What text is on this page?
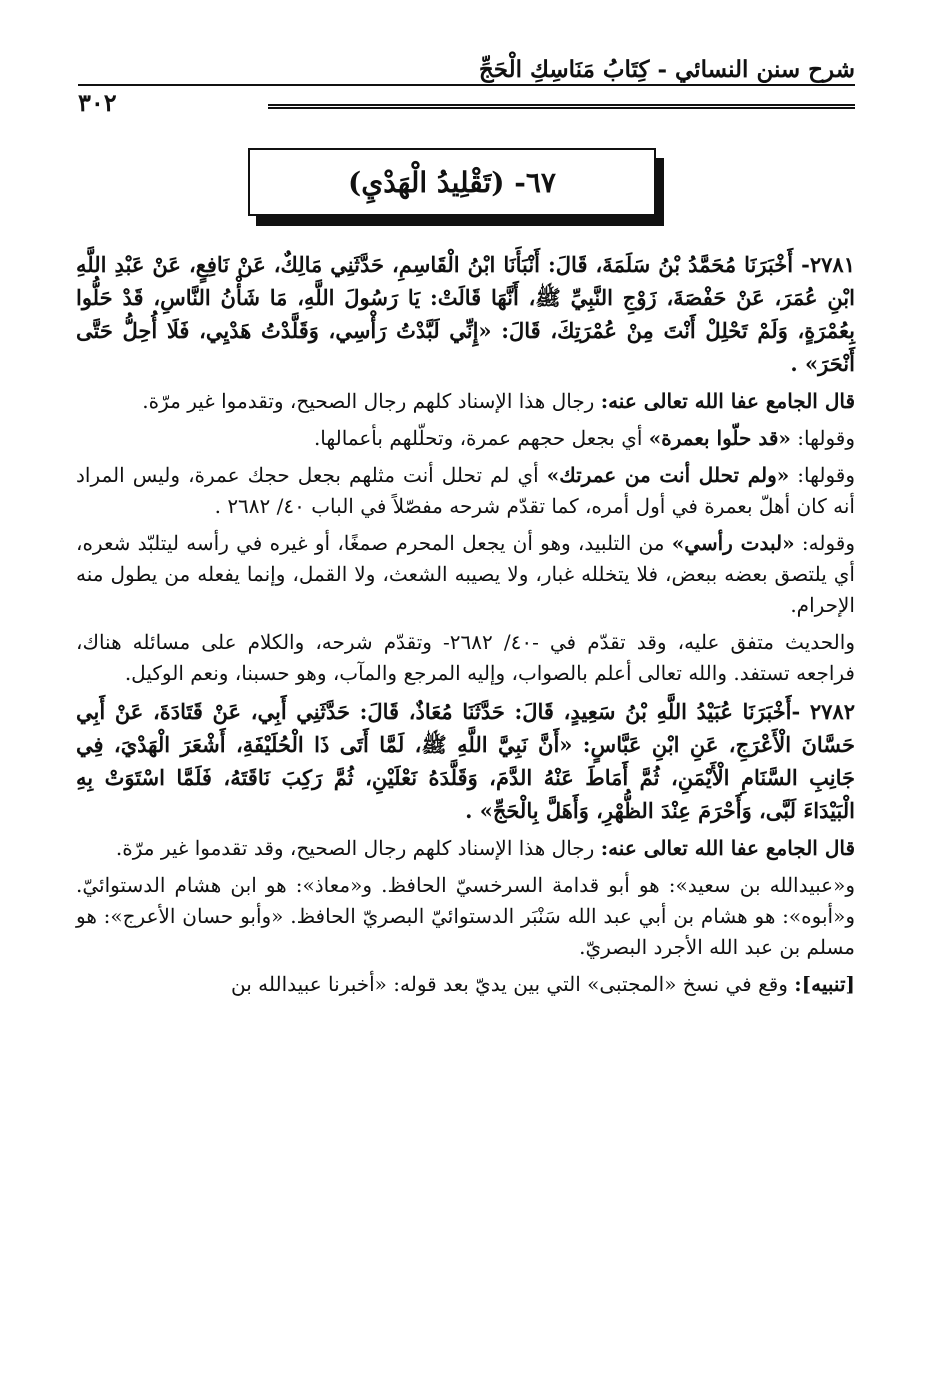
شرح سنن النسائي - كِتَابُ مَنَاسِكِ الْحَجِّ
٣٠٢
٦٧- (تَقْلِيدُ الْهَدْيِ)

٢٧٨١- أَخْبَرَنَا مُحَمَّدُ بْنُ سَلَمَةَ، قَالَ: أَنْبَأَنَا ابْنُ الْقَاسِمِ، حَدَّثَنِي مَالِكٌ، عَنْ نَافِعٍ، عَنْ عَبْدِ اللَّهِ ابْنِ عُمَرَ، عَنْ حَفْصَةَ، زَوْجِ النَّبِيِّ ﷺ، أَنَّهَا قَالَتْ: يَا رَسُولَ اللَّهِ، مَا شَأْنُ النَّاسِ، قَدْ حَلُّوا بِعُمْرَةٍ، وَلَمْ تَحْلِلْ أَنْتَ مِنْ عُمْرَتِكَ، قَالَ: «إِنِّي لَبَّدْتُ رَأْسِي، وَقَلَّدْتُ هَدْيِي، فَلَا أُحِلُّ حَتَّى أَنْحَرَ» .

قال الجامع عفا الله تعالى عنه: رجال هذا الإسناد كلهم رجال الصحيح، وتقدموا غير مرّة.

وقولها: «قد حلّوا بعمرة» أي بجعل حجهم عمرة، وتحلّلهم بأعمالها.

وقولها: «ولم تحلل أنت من عمرتك» أي لم تحلل أنت مثلهم بجعل حجك عمرة، وليس المراد أنه كان أهلّ بعمرة في أول أمره، كما تقدّم شرحه مفصّلاً في الباب ٤٠/ ٢٦٨٢ .

وقوله: «لبدت رأسي» من التلبيد، وهو أن يجعل المحرم صمغًا، أو غيره في رأسه ليتلبّد شعره، أي يلتصق بعضه ببعض، فلا يتخلله غبار، ولا يصيبه الشعث، ولا القمل، وإنما يفعله من يطول منه الإحرام.

والحديث متفق عليه، وقد تقدّم في -٤٠/ ٢٦٨٢- وتقدّم شرحه، والكلام على مسائله هناك، فراجعه تستفد. والله تعالى أعلم بالصواب، وإليه المرجع والمآب، وهو حسبنا، ونعم الوكيل.

٢٧٨٢ -أَخْبَرَنَا عُبَيْدُ اللَّهِ بْنُ سَعِيدٍ، قَالَ: حَدَّثَنَا مُعَاذٌ، قَالَ: حَدَّثَنِي أَبِي، عَنْ قَتَادَةَ، عَنْ أَبِي حَسَّانَ الْأَعْرَجِ، عَنِ ابْنِ عَبَّاسٍ: «أَنَّ نَبِيَّ اللَّهِ ﷺ، لَمَّا أَتَى ذَا الْحُلَيْفَةِ، أَشْعَرَ الْهَدْيَ، فِي جَانِبِ السَّنَامِ الْأَيْمَنِ، ثُمَّ أَمَاطَ عَنْهُ الدَّمَ، وَقَلَّدَهُ نَعْلَيْنِ، ثُمَّ رَكِبَ نَاقَتَهُ، فَلَمَّا اسْتَوَتْ بِهِ الْبَيْدَاءَ لَبَّى، وَأَحْرَمَ عِنْدَ الظُّهْرِ، وَأَهَلَّ بِالْحَجِّ» .

قال الجامع عفا الله تعالى عنه: رجال هذا الإسناد كلهم رجال الصحيح، وقد تقدموا غير مرّة.

و«عبيدالله بن سعيد»: هو أبو قدامة السرخسيّ الحافظ. و«معاذ»: هو ابن هشام الدستوائيّ. و«أبوه»: هو هشام بن أبي عبد الله سَنْبَر الدستوائيّ البصريّ الحافظ. «وأبو حسان الأعرج»: هو مسلم بن عبد الله الأجرد البصريّ.

[تنبيه]: وقع في نسخ «المجتبى» التي بين يديّ بعد قوله: «أخبرنا عبيدالله بن
